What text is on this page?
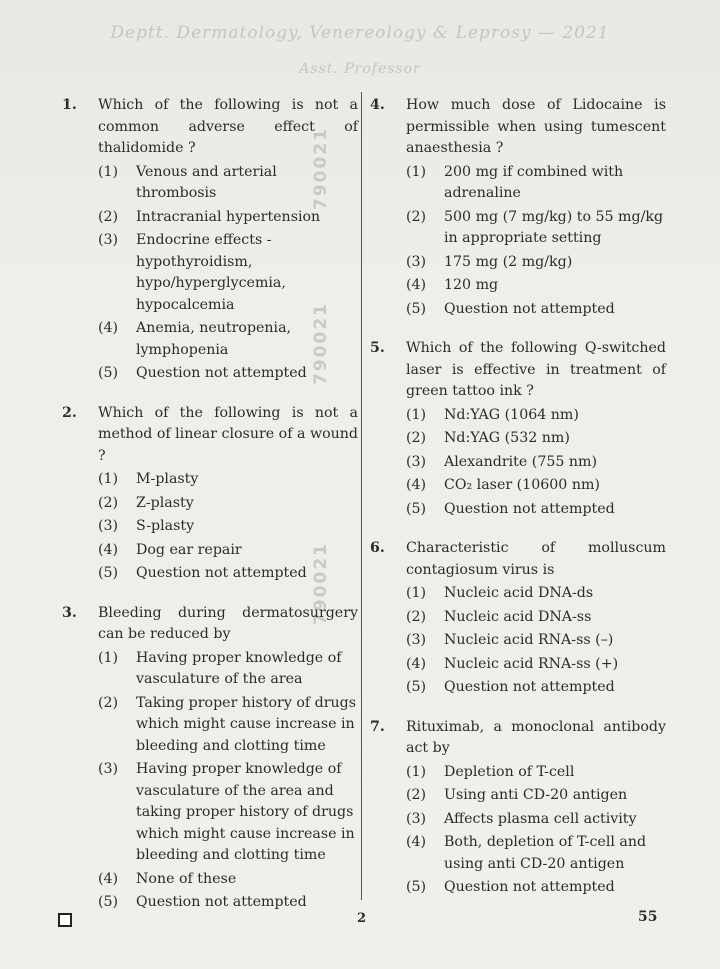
Deptt. Dermatology, Venereology & Leprosy — 2021
Asst. Professor
790021
790021
790021
1. Which of the following is not a common adverse effect of thalidomide ?
(1) Venous and arterial thrombosis
(2) Intracranial hypertension
(3) Endocrine effects - hypothyroidism, hypo/hyperglycemia, hypocalcemia
(4) Anemia, neutropenia, lymphopenia
(5) Question not attempted
2. Which of the following is not a method of linear closure of a wound ?
(1) M-plasty
(2) Z-plasty
(3) S-plasty
(4) Dog ear repair
(5) Question not attempted
3. Bleeding during dermatosurgery can be reduced by
(1) Having proper knowledge of vasculature of the area
(2) Taking proper history of drugs which might cause increase in bleeding and clotting time
(3) Having proper knowledge of vasculature of the area and taking proper history of drugs which might cause increase in bleeding and clotting time
(4) None of these
(5) Question not attempted
4. How much dose of Lidocaine is permissible when using tumescent anaesthesia ?
(1) 200 mg if combined with adrenaline
(2) 500 mg (7 mg/kg) to 55 mg/kg in appropriate setting
(3) 175 mg (2 mg/kg)
(4) 120 mg
(5) Question not attempted
5. Which of the following Q-switched laser is effective in treatment of green tattoo ink ?
(1) Nd:YAG (1064 nm)
(2) Nd:YAG (532 nm)
(3) Alexandrite (755 nm)
(4) CO₂ laser (10600 nm)
(5) Question not attempted
6. Characteristic of molluscum contagiosum virus is
(1) Nucleic acid DNA-ds
(2) Nucleic acid DNA-ss
(3) Nucleic acid RNA-ss (–)
(4) Nucleic acid RNA-ss (+)
(5) Question not attempted
7. Rituximab, a monoclonal antibody act by
(1) Depletion of T-cell
(2) Using anti CD-20 antigen
(3) Affects plasma cell activity
(4) Both, depletion of T-cell and using anti CD-20 antigen
(5) Question not attempted
2	55
